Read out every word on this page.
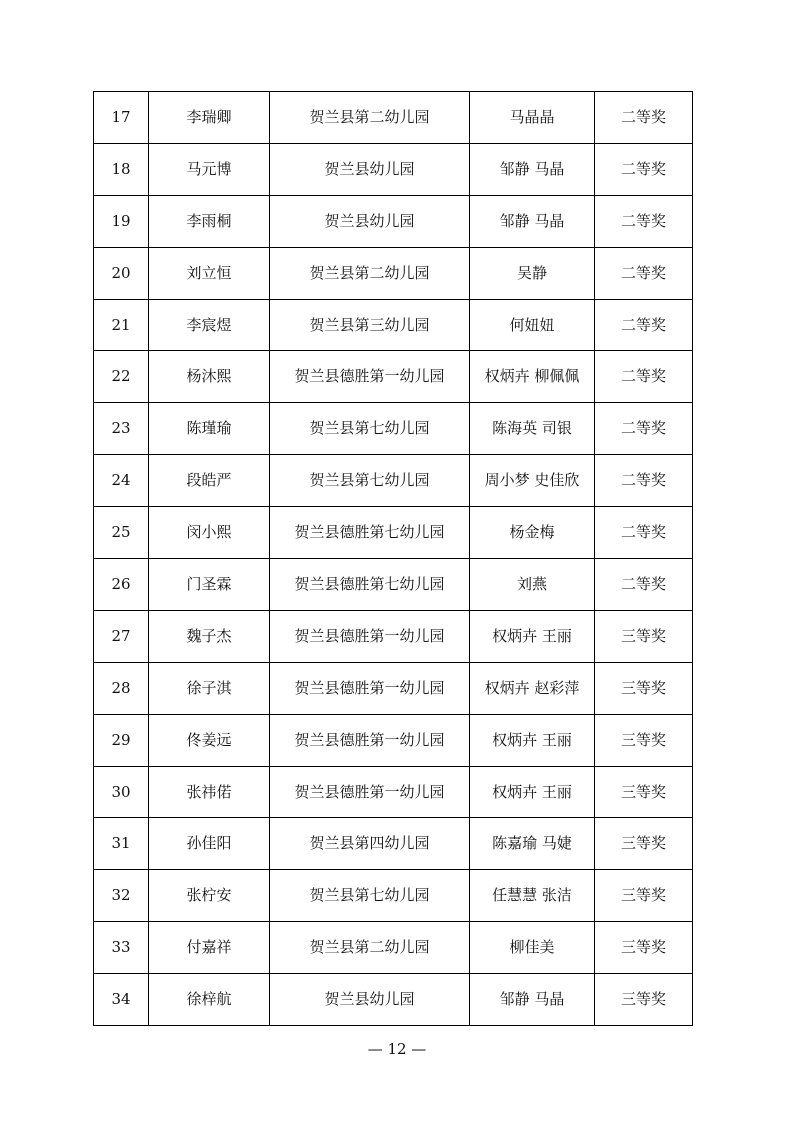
17	李瑞卿	贺兰县第二幼儿园	马晶晶	二等奖
18	马元博	贺兰县幼儿园	邹静 马晶	二等奖
19	李雨桐	贺兰县幼儿园	邹静 马晶	二等奖
20	刘立恒	贺兰县第二幼儿园	吴静	二等奖
21	李宸煜	贺兰县第三幼儿园	何妞妞	二等奖
22	杨沐熙	贺兰县德胜第一幼儿园	权炳卉 柳佩佩	二等奖
23	陈瑾瑜	贺兰县第七幼儿园	陈海英 司银	二等奖
24	段皓严	贺兰县第七幼儿园	周小梦 史佳欣	二等奖
25	闵小熙	贺兰县德胜第七幼儿园	杨金梅	二等奖
26	门圣霖	贺兰县德胜第七幼儿园	刘燕	二等奖
27	魏子杰	贺兰县德胜第一幼儿园	权炳卉 王丽	三等奖
28	徐子淇	贺兰县德胜第一幼儿园	权炳卉 赵彩萍	三等奖
29	佟姜远	贺兰县德胜第一幼儿园	权炳卉 王丽	三等奖
30	张祎偌	贺兰县德胜第一幼儿园	权炳卉 王丽	三等奖
31	孙佳阳	贺兰县第四幼儿园	陈嘉瑜 马婕	三等奖
32	张柠安	贺兰县第七幼儿园	任慧慧 张洁	三等奖
33	付嘉祥	贺兰县第二幼儿园	柳佳美	三等奖
34	徐梓航	贺兰县幼儿园	邹静 马晶	三等奖
— 12 —
